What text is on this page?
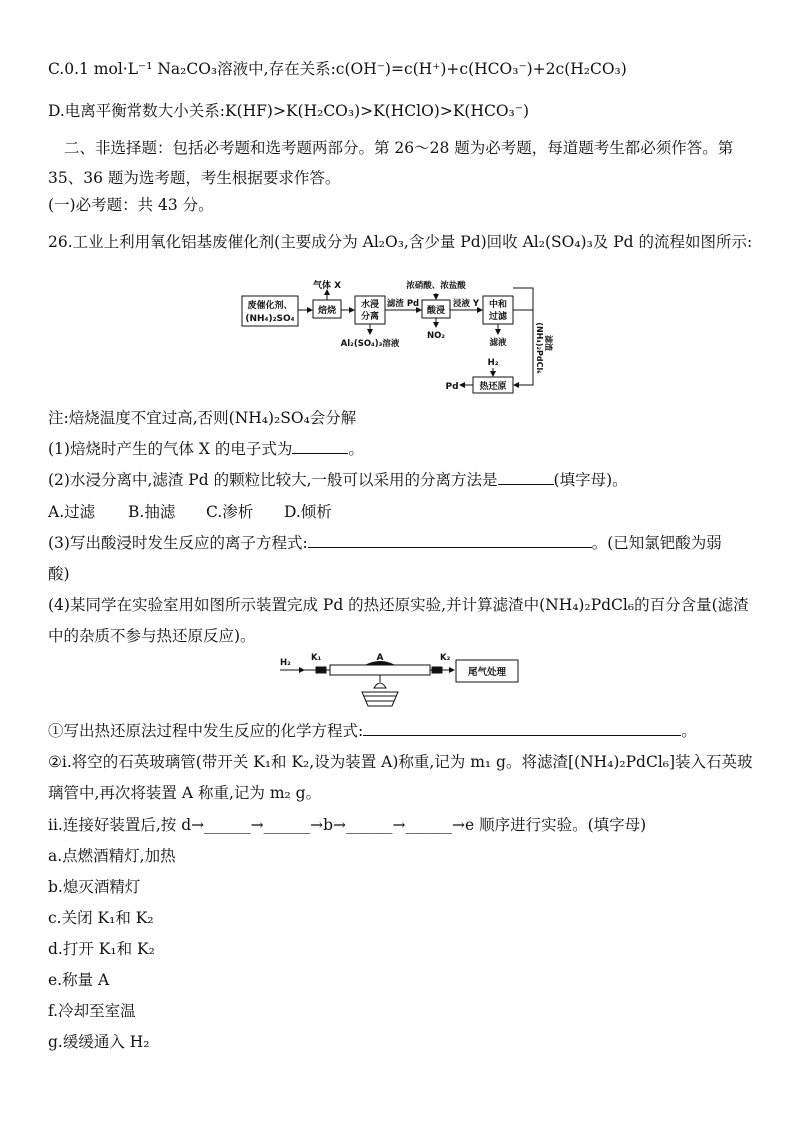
C.0.1 mol·L⁻¹ Na₂CO₃溶液中,存在关系:c(OH⁻)=c(H⁺)+c(HCO₃⁻)+2c(H₂CO₃)
D.电离平衡常数大小关系:K(HF)>K(H₂CO₃)>K(HClO)>K(HCO₃⁻)
二、非选择题：包括必考题和选考题两部分。第 26～28 题为必考题，每道题考生都必须作答。第
35、36 题为选考题，考生根据要求作答。
(一)必考题：共 43 分。
26.工业上利用氧化铝基废催化剂(主要成分为 Al₂O₃,含少量 Pd)回收 Al₂(SO₄)₃及 Pd 的流程如图所示:
废催化剂、
(NH₄)₂SO₄
焙烧
气体 X
水浸
分离
Al₂(SO₄)₃溶液
滤渣 Pd
浓硝酸、浓盐酸
酸浸
NO₂
浸液 Y 中和
过滤
滤液	滤渣
(NH₄)₂PdCl₆
H₂
热还原
Pd
注:焙烧温度不宜过高,否则(NH₄)₂SO₄会分解
(1)焙烧时产生的气体 X 的电子式为	。
(2)水浸分离中,滤渣 Pd 的颗粒比较大,一般可以采用的分离方法是	(填字母)。
A.过滤 B.抽滤 C.渗析 D.倾析
(3)写出酸浸时发生反应的离子方程式:	。(已知氯钯酸为弱
酸)
(4)某同学在实验室用如图所示装置完成 Pd 的热还原实验,并计算滤渣中(NH₄)₂PdCl₆的百分含量(滤渣
中的杂质不参与热还原反应)。
H₂ K₁	A	K₂
尾气处理
①写出热还原法过程中发生反应的化学方程式:	。
②ⅰ.将空的石英玻璃管(带开关 K₁和 K₂,设为装置 A)称重,记为 m₁ g。将滤渣[(NH₄)₂PdCl₆]装入石英玻
璃管中,再次将装置 A 称重,记为 m₂ g。
ⅱ.连接好装置后,按 d→______→______→b→______→______→e 顺序进行实验。(填字母)
a.点燃酒精灯,加热
b.熄灭酒精灯
c.关闭 K₁和 K₂
d.打开 K₁和 K₂
e.称量 A
f.冷却至室温
g.缓缓通入 H₂
